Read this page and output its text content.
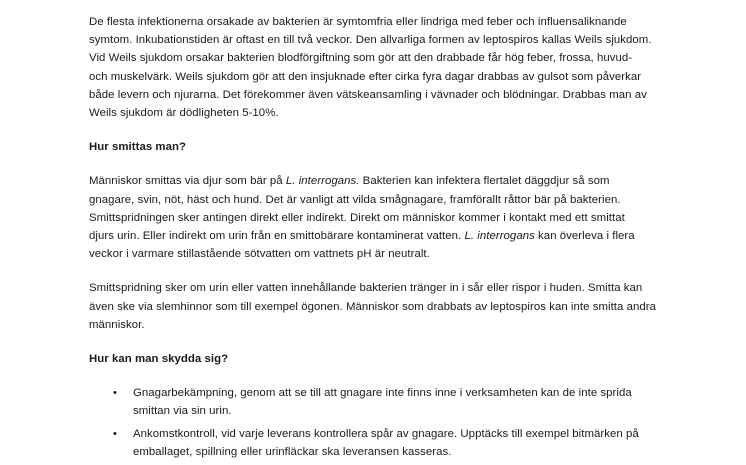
De flesta infektionerna orsakade av bakterien är symtomfria eller lindriga med feber och influensaliknande
symtom. Inkubationstiden är oftast en till två veckor. Den allvarliga formen av leptospiros kallas Weils sjukdom.
Vid Weils sjukdom orsakar bakterien blodförgiftning som gör att den drabbade får hög feber, frossa, huvud-
och muskelvärk. Weils sjukdom gör att den insjuknade efter cirka fyra dagar drabbas av gulsot som påverkar
både levern och njurarna. Det förekommer även vätskeansamling i vävnader och blödningar. Drabbas man av
Weils sjukdom är dödligheten 5-10%.
Hur smittas man?
Människor smittas via djur som bär på L. interrogans. Bakterien kan infektera flertalet däggdjur så som
gnagare, svin, nöt, häst och hund. Det är vanligt att vilda smågnagare, framförallt råttor bär på bakterien.
Smittspridningen sker antingen direkt eller indirekt. Direkt om människor kommer i kontakt med ett smittat
djurs urin. Eller indirekt om urin från en smittobärare kontaminerat vatten. L. interrogans kan överleva i flera
veckor i varmare stillastående sötvatten om vattnets pH är neutralt.
Smittspridning sker om urin eller vatten innehållande bakterien tränger in i sår eller rispor i huden. Smitta kan
även ske via slemhinnor som till exempel ögonen. Människor som drabbats av leptospiros kan inte smitta andra
människor.
Hur kan man skydda sig?
• Gnagarbekämpning, genom att se till att gnagare inte finns inne i verksamheten kan de inte sprida
smittan via sin urin.
• Ankomstkontroll, vid varje leverans kontrollera spår av gnagare. Upptäcks till exempel bitmärken på
emballaget, spillning eller urinfläckar ska leveransen kasseras.
